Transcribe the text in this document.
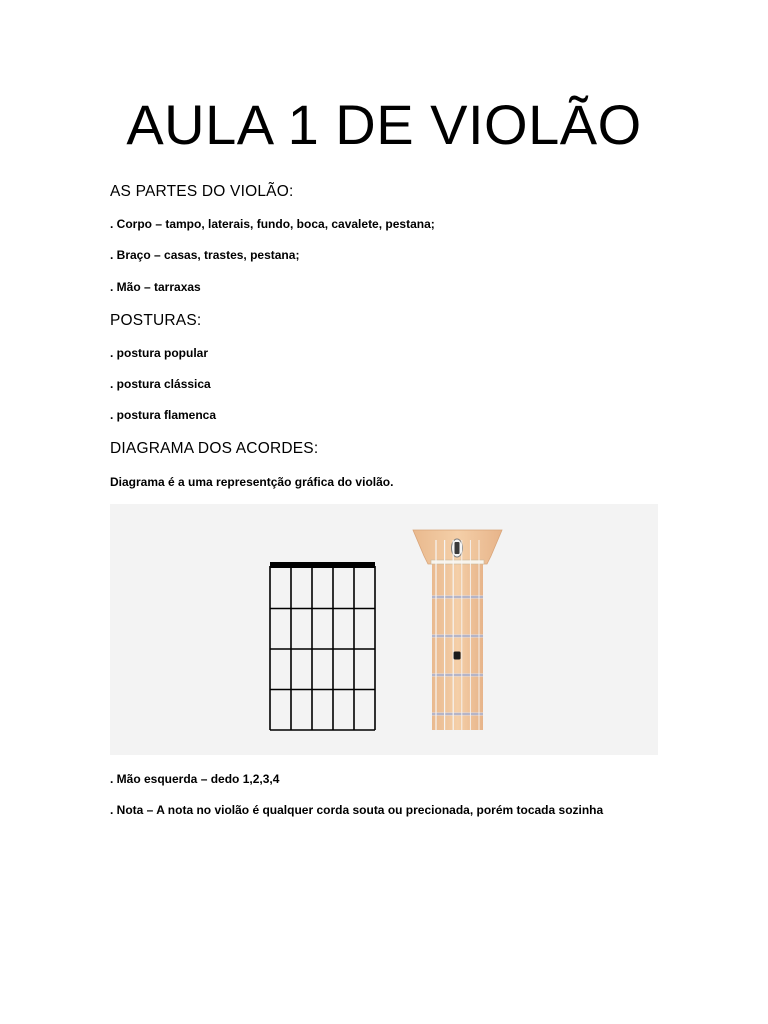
AULA 1 DE VIOLÃO
AS PARTES DO VIOLÃO:
. Corpo – tampo, laterais, fundo, boca, cavalete, pestana;
. Braço – casas, trastes, pestana;
. Mão – tarraxas
POSTURAS:
. postura popular
. postura clássica
. postura flamenca
DIAGRAMA DOS ACORDES:
Diagrama é a uma representção gráfica do violão.
. Mão esquerda – dedo 1,2,3,4
. Nota – A nota no violão é qualquer corda souta ou precionada, porém tocada sozinha
